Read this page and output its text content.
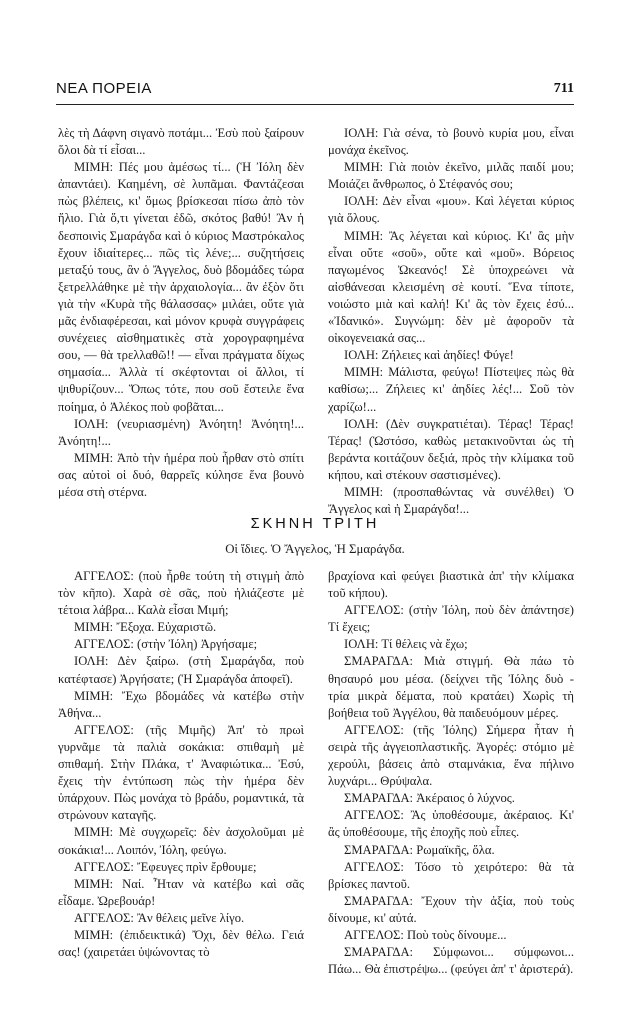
ΝΕΑ ΠΟΡΕΙΑ	711

λὲς τὴ Δάφνη σιγανὸ ποτάμι... Ἐσὺ ποὺ ξαίρουν ὅλοι δὰ τί εἶσαι...

ΜΙΜΗ: Πές μου ἀμέσως τί... (Ἡ Ἰόλη δὲν ἀπαντάει). Καημένη, σὲ λυπᾶμαι. Φαντάζεσαι πὼς βλέπεις, κι' ὅμως βρίσκεσαι πίσω ἀπὸ τὸν ἥλιο. Γιὰ ὅ,τι γίνεται ἐδῶ, σκότος βαθύ! Ἂν ἡ δεσποινὶς Σμαράγδα καὶ ὁ κύριος Μαστρόκαλος ἔχουν ἰδιαίτερες... πῶς τὶς λένε;... συζητήσεις μεταξύ τους, ἂν ὁ Ἄγγελος, δυὸ βδομάδες τώρα ξετρελλάθηκε μὲ τὴν ἀρχαιολογία... ἂν ἐξὸν ὅτι γιὰ τὴν «Κυρὰ τῆς θάλασσας» μιλάει, οὔτε γιὰ μᾶς ἐνδιαφέρεσαι, καὶ μόνον κρυφὰ συγγράφεις συνέχειες αἰσθηματικὲς στὰ χορογραφημένα σου, — θὰ τρελλαθῶ!! — εἶναι πράγματα δίχως σημασία... Ἀλλὰ τί σκέφτονται οἱ ἄλλοι, τί ψιθυρίζουν... Ὅπως τότε, που σοῦ ἔστειλε ἕνα ποίημα, ὁ Ἀλέκος ποὺ φοβᾶται...

ΙΟΛΗ: (νευριασμένη) Ἀνόητη! Ἀνόητη!... Ἀνόητη!...

ΜΙΜΗ: Ἀπὸ τὴν ἡμέρα ποὺ ἦρθαν στὸ σπίτι σας αὐτοὶ οἱ δυό, θαρρεῖς κύλησε ἕνα βουνὸ μέσα στὴ στέρνα.

ΙΟΛΗ: Γιὰ σένα, τὸ βουνὸ κυρία μου, εἶναι μονάχα ἐκεῖνος.

ΜΙΜΗ: Γιὰ ποιὸν ἐκεῖνο, μιλᾶς παιδί μου; Μοιάζει ἄνθρωπος, ὁ Στέφανός σου;

ΙΟΛΗ: Δὲν εἶναι «μου». Καὶ λέγεται κύριος γιὰ ὅλους.

ΜΙΜΗ: Ἂς λέγεται καὶ κύριος. Κι' ἂς μὴν εἶναι οὔτε «σοῦ», οὔτε καὶ «μοῦ». Βόρειος παγωμένος Ὠκεανός! Σὲ ὑποχρεώνει νὰ αἰσθάνεσαι κλεισμένη σὲ κουτί. Ἕνα τίποτε, νοιώστο μιὰ καὶ καλή! Κι' ἂς τὸν ἔχεις ἐσύ... «Ἰδανικό». Συγνώμη: δὲν μὲ ἀφοροῦν τὰ οἰκογενειακά σας...

ΙΟΛΗ: Ζήλειες καὶ ἀηδίες! Φύγε!

ΜΙΜΗ: Μάλιστα, φεύγω! Πίστεψες πὼς θὰ καθίσω;... Ζήλειες κι' ἀηδίες λές!... Σοῦ τὸν χαρίζω!...

ΙΟΛΗ: (Δὲν συγκρατιέται). Τέρας! Τέρας! Τέρας! (Ὡστόσο, καθὼς μετακινοῦνται ὡς τὴ βεράντα κοιτάζουν δεξιά, πρὸς τὴν κλίμακα τοῦ κήπου, καὶ στέκουν σαστισμένες).

ΜΙΜΗ: (προσπαθώντας νὰ συνέλθει) Ὁ Ἄγγελος καὶ ἡ Σμαράγδα!...

ΣΚΗΝΗ ΤΡΙΤΗ
Οἱ ἴδιες. Ὁ Ἄγγελος, Ἡ Σμαράγδα.

ΑΓΓΕΛΟΣ: (ποὺ ἦρθε τούτη τὴ στιγμὴ ἀπὸ τὸν κῆπο). Χαρὰ σὲ σᾶς, ποὺ ἡλιάζεστε μὲ τέτοια λάβρα... Καλὰ εἶσαι Μιμή;

ΜΙΜΗ: Ἔξοχα. Εὐχαριστῶ.

ΑΓΓΕΛΟΣ: (στὴν Ἰόλη) Ἀργήσαμε;

ΙΟΛΗ: Δὲν ξαίρω. (στὴ Σμαράγδα, ποὺ κατέφτασε) Ἀργήσατε; (Ἡ Σμαράγδα ἀποφεῖ).

ΜΙΜΗ: Ἔχω βδομάδες νὰ κατέβω στὴν Ἀθήνα...

ΑΓΓΕΛΟΣ: (τῆς Μιμῆς) Ἀπ' τὸ πρωὶ γυρνᾶμε τὰ παλιὰ σοκάκια: σπιθαμὴ μὲ σπιθαμή. Στὴν Πλάκα, τ' Ἀναφιώτικα... Ἐσύ, ἔχεις τὴν ἐντύπωση πὼς τὴν ἡμέρα δὲν ὑπάρχουν. Πὼς μονάχα τὸ βράδυ, ρομαντικά, τὰ στρώνουν καταγῆς.

ΜΙΜΗ: Μὲ συγχωρεῖς: δὲν ἀσχολοῦμαι μὲ σοκάκια!... Λοιπόν, Ἰόλη, φεύγω.

ΑΓΓΕΛΟΣ: Ἔφευγες πρὶν ἔρθουμε;

ΜΙΜΗ: Ναί. Ἦταν νὰ κατέβω καὶ σᾶς εἶδαμε. Ὠρεβουάρ!

ΑΓΓΕΛΟΣ: Ἂν θέλεις μεῖνε λίγο.

ΜΙΜΗ: (ἐπιδεικτικά) Ὄχι, δὲν θέλω. Γειά σας! (χαιρετάει ὑψώνοντας τὸ

βραχίονα καὶ φεύγει βιαστικὰ ἀπ' τὴν κλίμακα τοῦ κήπου).

ΑΓΓΕΛΟΣ: (στὴν Ἰόλη, ποὺ δὲν ἀπάντησε) Τί ἔχεις;

ΙΟΛΗ: Τί θέλεις νὰ ἔχω;

ΣΜΑΡΑΓΔΑ: Μιὰ στιγμή. Θὰ πάω τὸ θησαυρό μου μέσα. (δείχνει τῆς Ἰόλης δυὸ - τρία μικρὰ δέματα, ποὺ κρατάει) Χωρὶς τὴ βοήθεια τοῦ Ἀγγέλου, θὰ παιδευόμουν μέρες.

ΑΓΓΕΛΟΣ: (τῆς Ἰόλης) Σήμερα ἦταν ἡ σειρὰ τῆς ἀγγειοπλαστικῆς. Ἀγορές: στόμιο μὲ χερούλι, βάσεις ἀπὸ σταμνάκια, ἕνα πήλινο λυχνάρι... Θρύψαλα.

ΣΜΑΡΑΓΔΑ: Ἀκέραιος ὁ λύχνος.

ΑΓΓΕΛΟΣ: Ἂς ὑποθέσουμε, ἀκέραιος. Κι' ἂς ὑποθέσουμε, τῆς ἐποχῆς ποὺ εἶπες.

ΣΜΑΡΑΓΔΑ: Ρωμαϊκῆς, ὅλα.

ΑΓΓΕΛΟΣ: Τόσο τὸ χειρότερο: θὰ τὰ βρίσκες παντοῦ.

ΣΜΑΡΑΓΔΑ: Ἔχουν τὴν ἀξία, ποὺ τοὺς δίνουμε, κι' αὐτά.

ΑΓΓΕΛΟΣ: Ποὺ τοὺς δίνουμε...

ΣΜΑΡΑΓΔΑ: Σύμφωνοι... σύμφωνοι... Πάω... Θὰ ἐπιστρέψω... (φεύγει ἀπ' τ' ἀριστερά).
